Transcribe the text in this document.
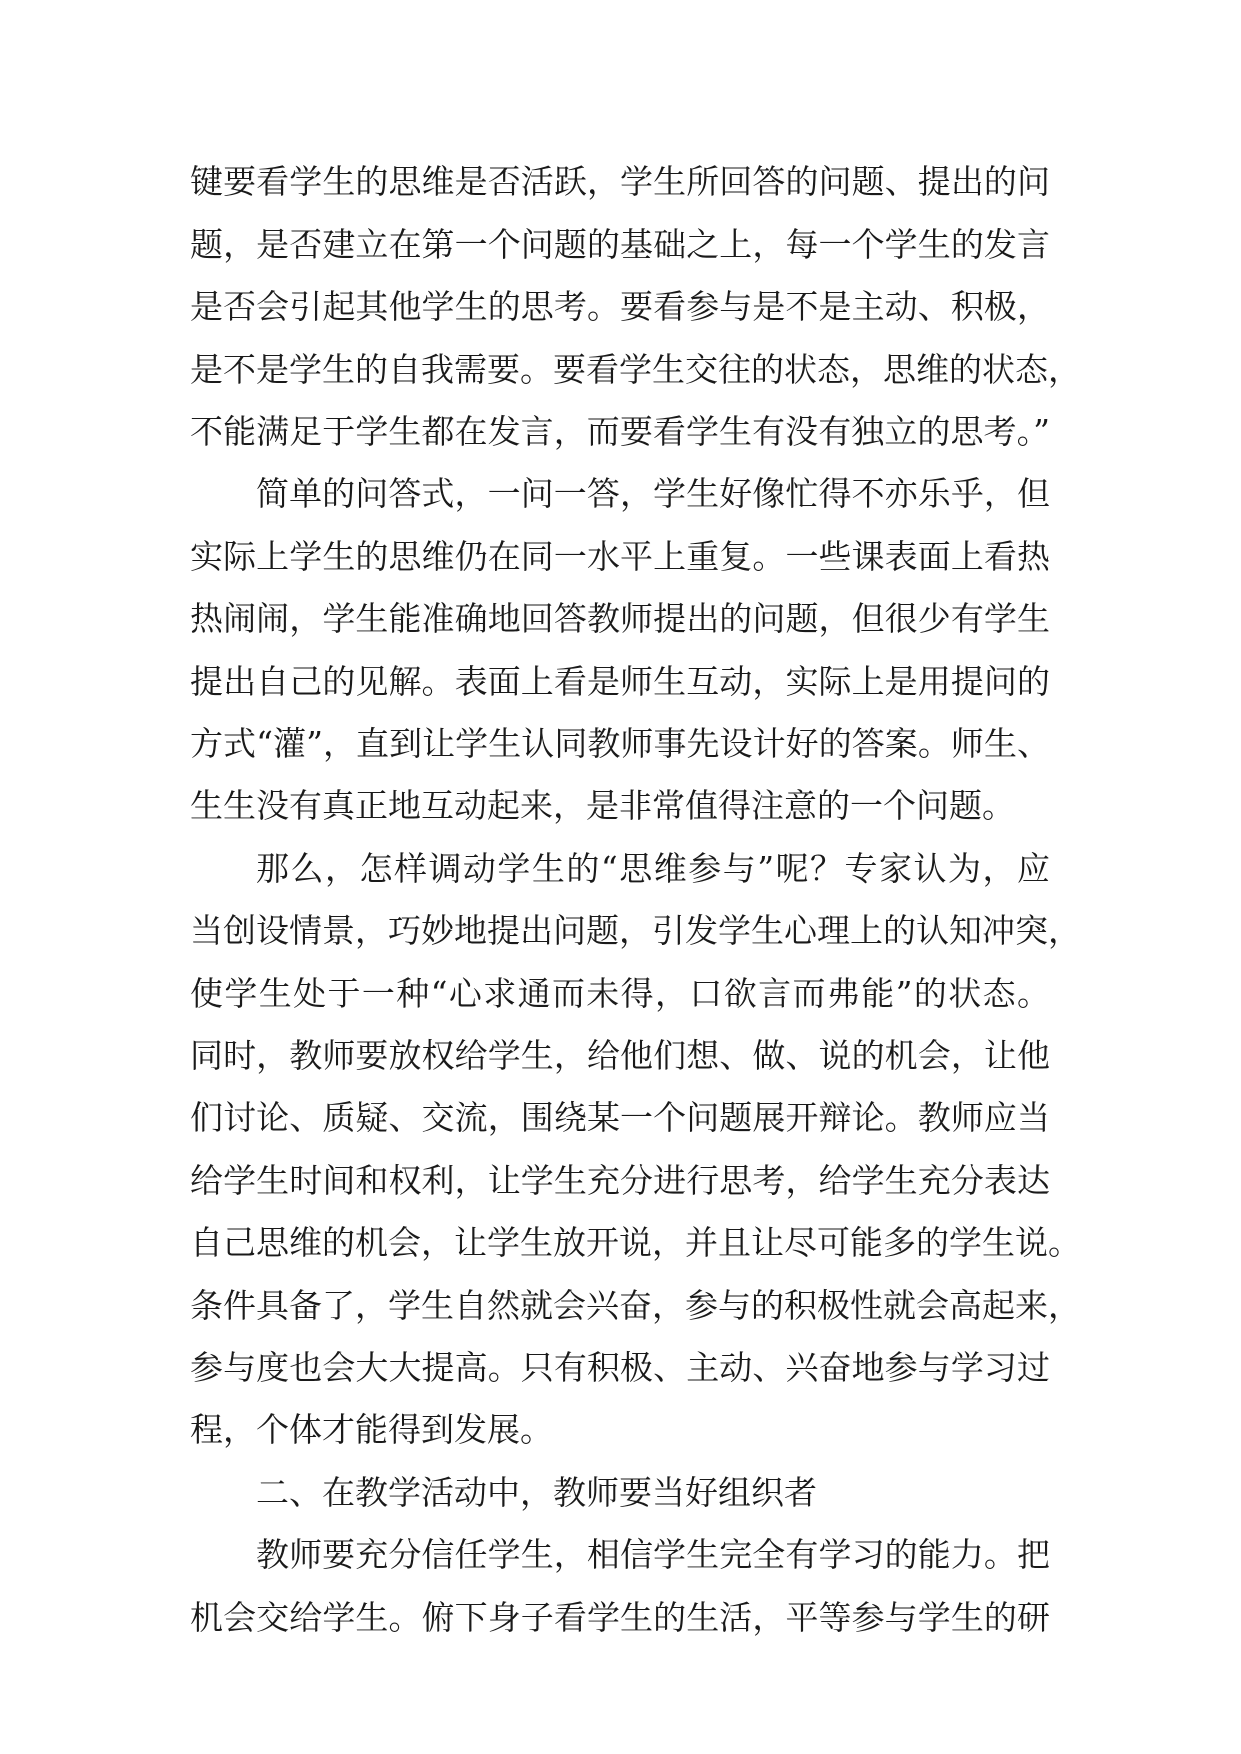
键要看学生的思维是否活跃，学生所回答的问题、提出的问
题，是否建立在第一个问题的基础之上，每一个学生的发言
是否会引起其他学生的思考。要看参与是不是主动、积极，
是不是学生的自我需要。要看学生交往的状态，思维的状态，
不能满足于学生都在发言，而要看学生有没有独立的思考。”
简单的问答式，一问一答，学生好像忙得不亦乐乎，但
实际上学生的思维仍在同一水平上重复。一些课表面上看热
热闹闹，学生能准确地回答教师提出的问题，但很少有学生
提出自己的见解。表面上看是师生互动，实际上是用提问的
方式“灌”，直到让学生认同教师事先设计好的答案。师生、
生生没有真正地互动起来，是非常值得注意的一个问题。
那么，怎样调动学生的“思维参与”呢？专家认为，应
当创设情景，巧妙地提出问题，引发学生心理上的认知冲突，
使学生处于一种“心求通而未得，口欲言而弗能”的状态。
同时，教师要放权给学生，给他们想、做、说的机会，让他
们讨论、质疑、交流，围绕某一个问题展开辩论。教师应当
给学生时间和权利，让学生充分进行思考，给学生充分表达
自己思维的机会，让学生放开说，并且让尽可能多的学生说。
条件具备了，学生自然就会兴奋，参与的积极性就会高起来，
参与度也会大大提高。只有积极、主动、兴奋地参与学习过
程，个体才能得到发展。
二、在教学活动中，教师要当好组织者
教师要充分信任学生，相信学生完全有学习的能力。把
机会交给学生。俯下身子看学生的生活，平等参与学生的研
